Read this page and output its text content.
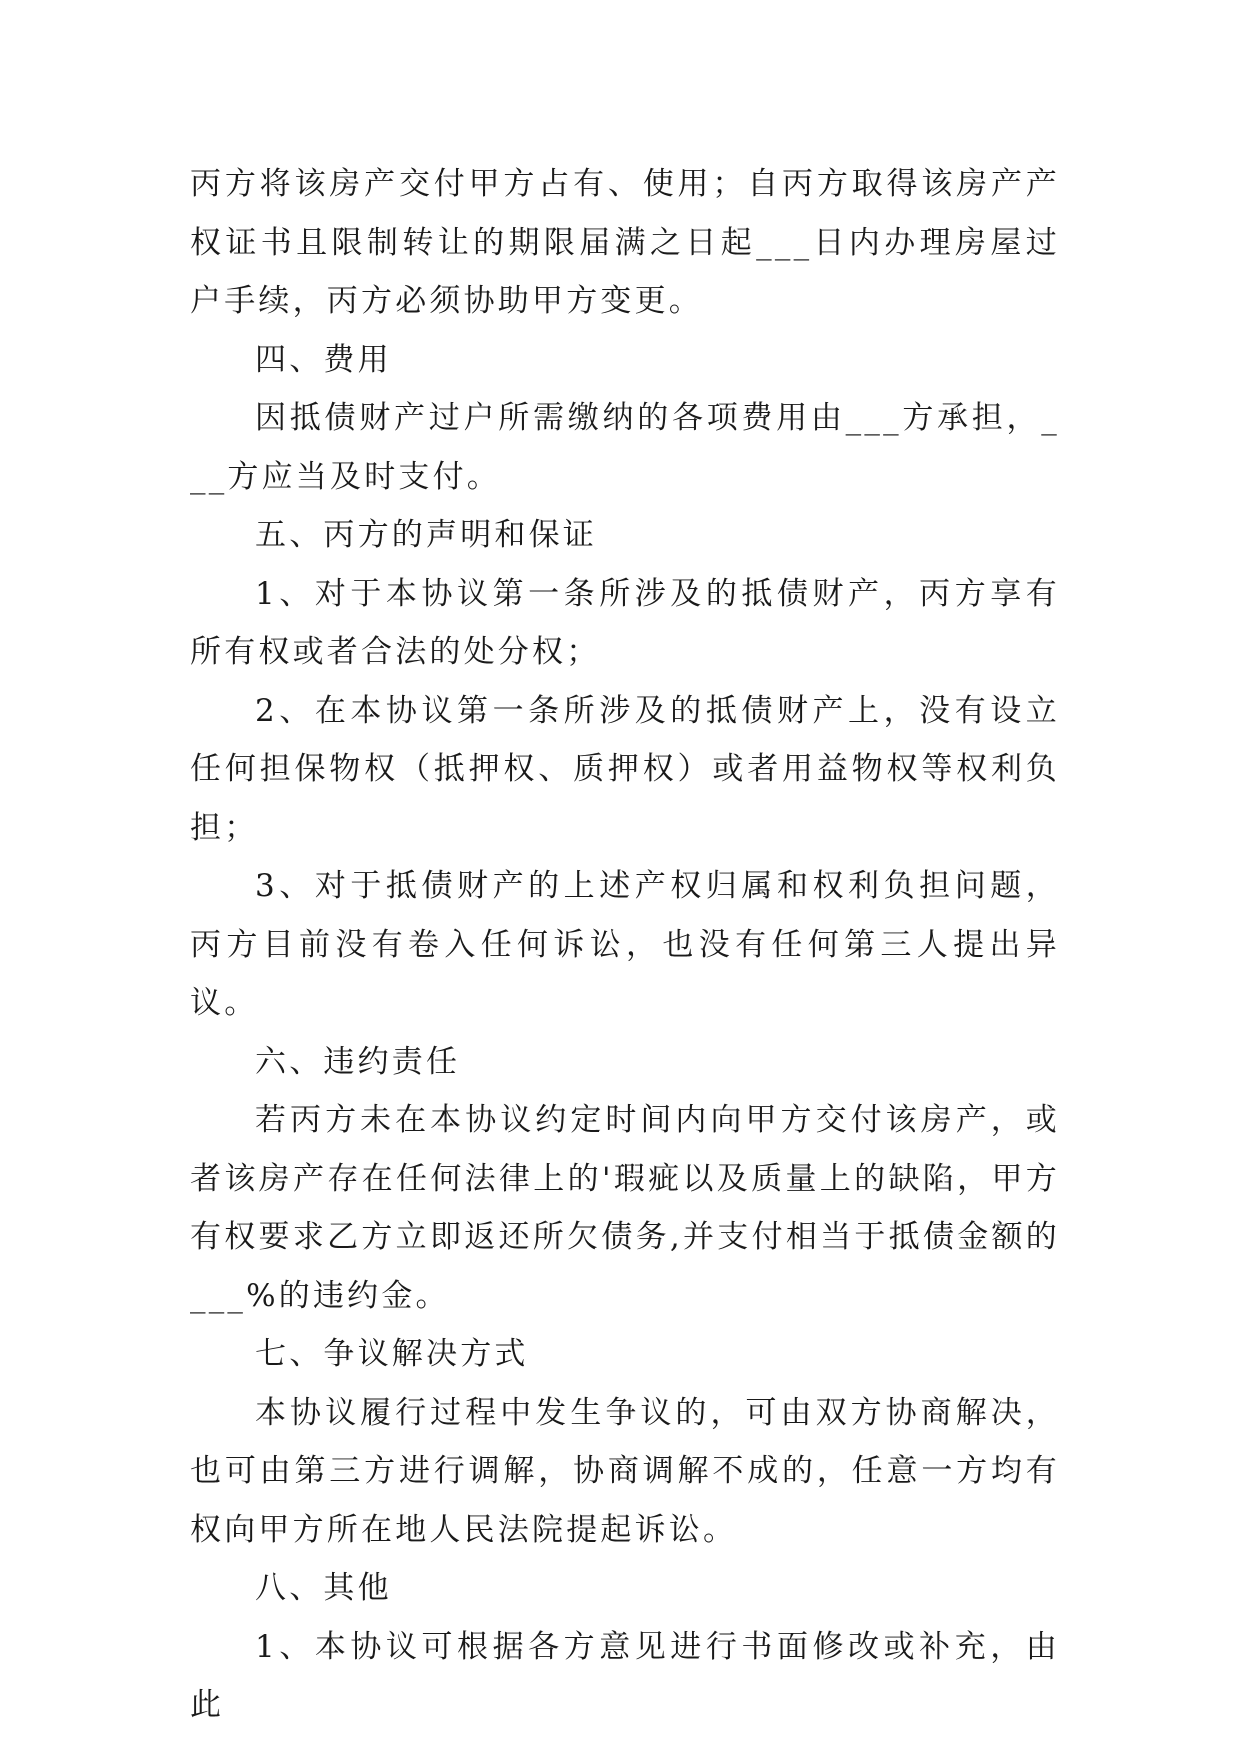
丙方将该房产交付甲方占有、使用；自丙方取得该房产产权证书且限制转让的期限届满之日起___日内办理房屋过户手续，丙方必须协助甲方变更。

四、费用

因抵债财产过户所需缴纳的各项费用由___方承担，___方应当及时支付。

五、丙方的声明和保证

1、对于本协议第一条所涉及的抵债财产，丙方享有所有权或者合法的处分权；

2、在本协议第一条所涉及的抵债财产上，没有设立任何担保物权（抵押权、质押权）或者用益物权等权利负担；

3、对于抵债财产的上述产权归属和权利负担问题，丙方目前没有卷入任何诉讼，也没有任何第三人提出异议。

六、违约责任

若丙方未在本协议约定时间内向甲方交付该房产，或者该房产存在任何法律上的'瑕疵以及质量上的缺陷，甲方有权要求乙方立即返还所欠债务,并支付相当于抵债金额的___%的违约金。

七、争议解决方式

本协议履行过程中发生争议的，可由双方协商解决，也可由第三方进行调解，协商调解不成的，任意一方均有权向甲方所在地人民法院提起诉讼。

八、其他

1、本协议可根据各方意见进行书面修改或补充，由此
